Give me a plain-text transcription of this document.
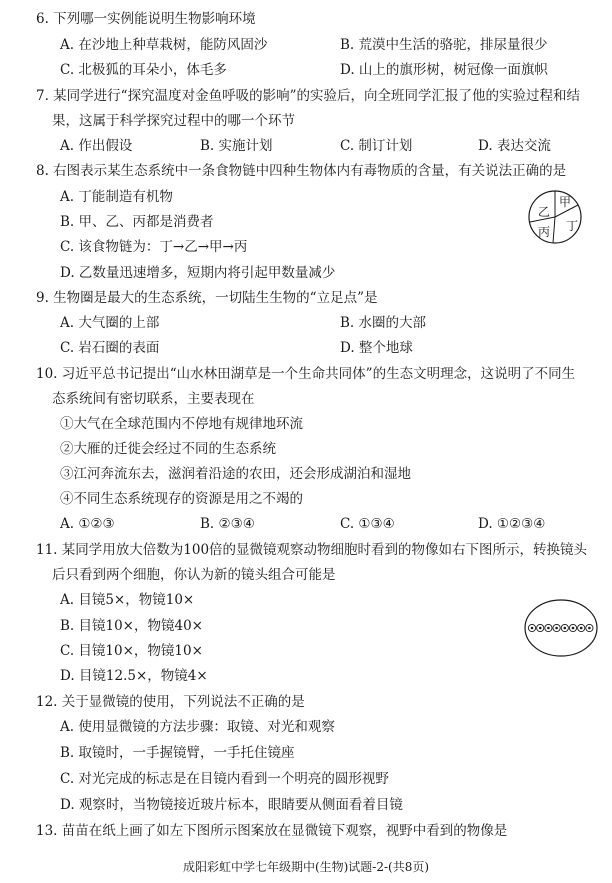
6. 下列哪一实例能说明生物影响环境
A. 在沙地上种草栽树，能防风固沙	B. 荒漠中生活的骆驼，排尿量很少
C. 北极狐的耳朵小，体毛多	D. 山上的旗形树，树冠像一面旗帜
7. 某同学进行“探究温度对金鱼呼吸的影响”的实验后，向全班同学汇报了他的实验过程和结
果，这属于科学探究过程中的哪一个环节
A. 作出假设	B. 实施计划	C. 制订计划	D. 表达交流
8. 右图表示某生态系统中一条食物链中四种生物体内有毒物质的含量，有关说法正确的是
A. 丁能制造有机物
B. 甲、乙、丙都是消费者
C. 该食物链为：丁→乙→甲→丙
D. 乙数量迅速增多，短期内将引起甲数量减少
甲
乙
丙 丁
9. 生物圈是最大的生态系统，一切陆生生物的“立足点”是
A. 大气圈的上部	B. 水圈的大部
C. 岩石圈的表面	D. 整个地球
10. 习近平总书记提出“山水林田湖草是一个生命共同体”的生态文明理念，这说明了不同生
态系统间有密切联系，主要表现在
①大气在全球范围内不停地有规律地环流
②大雁的迁徙会经过不同的生态系统
③江河奔流东去，滋润着沿途的农田，还会形成湖泊和湿地
④不同生态系统现存的资源是用之不竭的
A. ①②③	B. ②③④	C. ①③④	D. ①②③④
11. 某同学用放大倍数为100倍的显微镜观察动物细胞时看到的物像如右下图所示，转换镜头
后只看到两个细胞，你认为新的镜头组合可能是
A. 目镜5×，物镜10×
B. 目镜10×，物镜40×
C. 目镜10×，物镜10×
D. 目镜12.5×，物镜4×
12. 关于显微镜的使用，下列说法不正确的是
A. 使用显微镜的方法步骤：取镜、对光和观察
B. 取镜时，一手握镜臂，一手托住镜座
C. 对光完成的标志是在目镜内看到一个明亮的圆形视野
D. 观察时，当物镜接近玻片标本，眼睛要从侧面看着目镜
13. 苗苗在纸上画了如左下图所示图案放在显微镜下观察，视野中看到的物像是
成阳彩虹中学七年级期中(生物)试题-2-(共8页)
